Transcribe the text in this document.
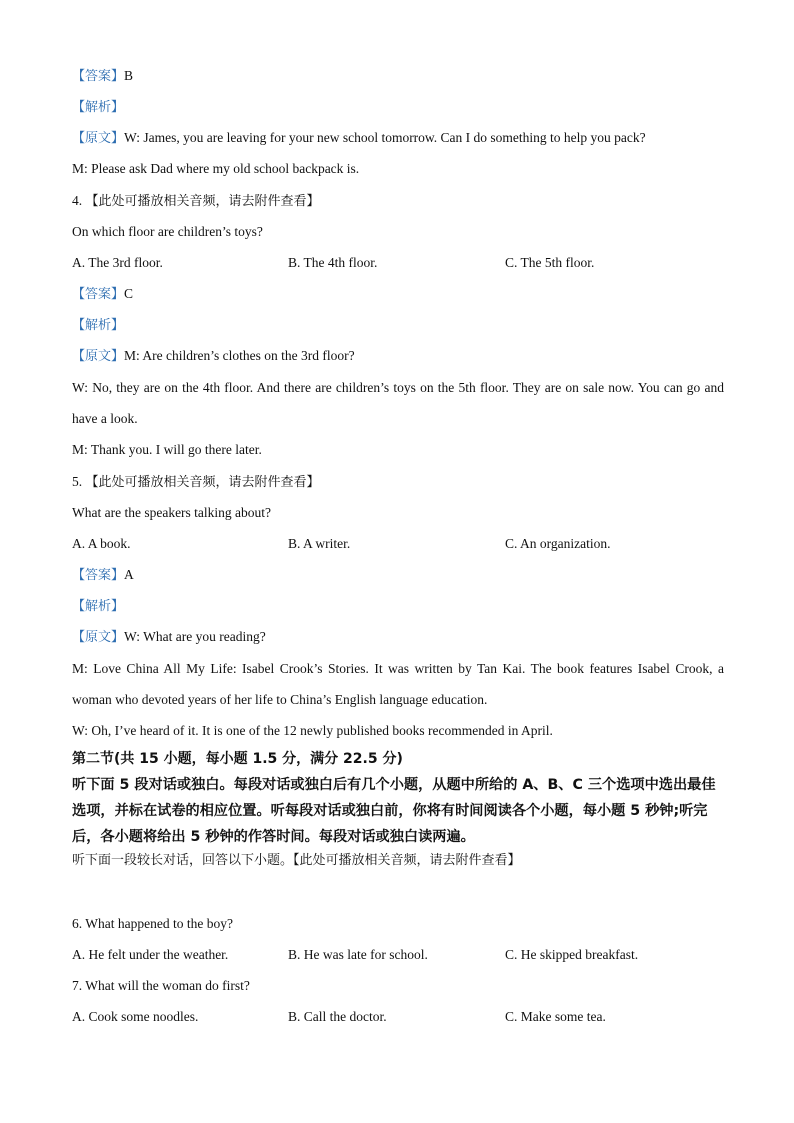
【答案】B
【解析】
【原文】W: James, you are leaving for your new school tomorrow. Can I do something to help you pack?
M: Please ask Dad where my old school backpack is.
4. 【此处可播放相关音频，请去附件查看】
On which floor are children’s toys?
A. The 3rd floor.	B. The 4th floor.	C. The 5th floor.
【答案】C
【解析】
【原文】M: Are children’s clothes on the 3rd floor?
W: No, they are on the 4th floor. And there are children’s toys on the 5th floor. They are on sale now. You can go and have a look.
M: Thank you. I will go there later.
5. 【此处可播放相关音频，请去附件查看】
What are the speakers talking about?
A. A book.	B. A writer.	C. An organization.
【答案】A
【解析】
【原文】W: What are you reading?
M: Love China All My Life: Isabel Crook’s Stories. It was written by Tan Kai. The book features Isabel Crook, a woman who devoted years of her life to China’s English language education.
W: Oh, I’ve heard of it. It is one of the 12 newly published books recommended in April.
第二节(共 15 小题，每小题 1.5 分，满分 22.5 分)
听下面 5 段对话或独白。每段对话或独白后有几个小题，从题中所给的 A、B、C 三个选项中选出最佳选项，并标在试卷的相应位置。听每段对话或独白前，你将有时间阅读各个小题，每小题 5 秒钟;听完后，各小题将给出 5 秒钟的作答时间。每段对话或独白读两遍。
听下面一段较长对话，回答以下小题。【此处可播放相关音频，请去附件查看】
6. What happened to the boy?
A. He felt under the weather.	B. He was late for school.	C. He skipped breakfast.
7. What will the woman do first?
A. Cook some noodles.	B. Call the doctor.	C. Make some tea.
